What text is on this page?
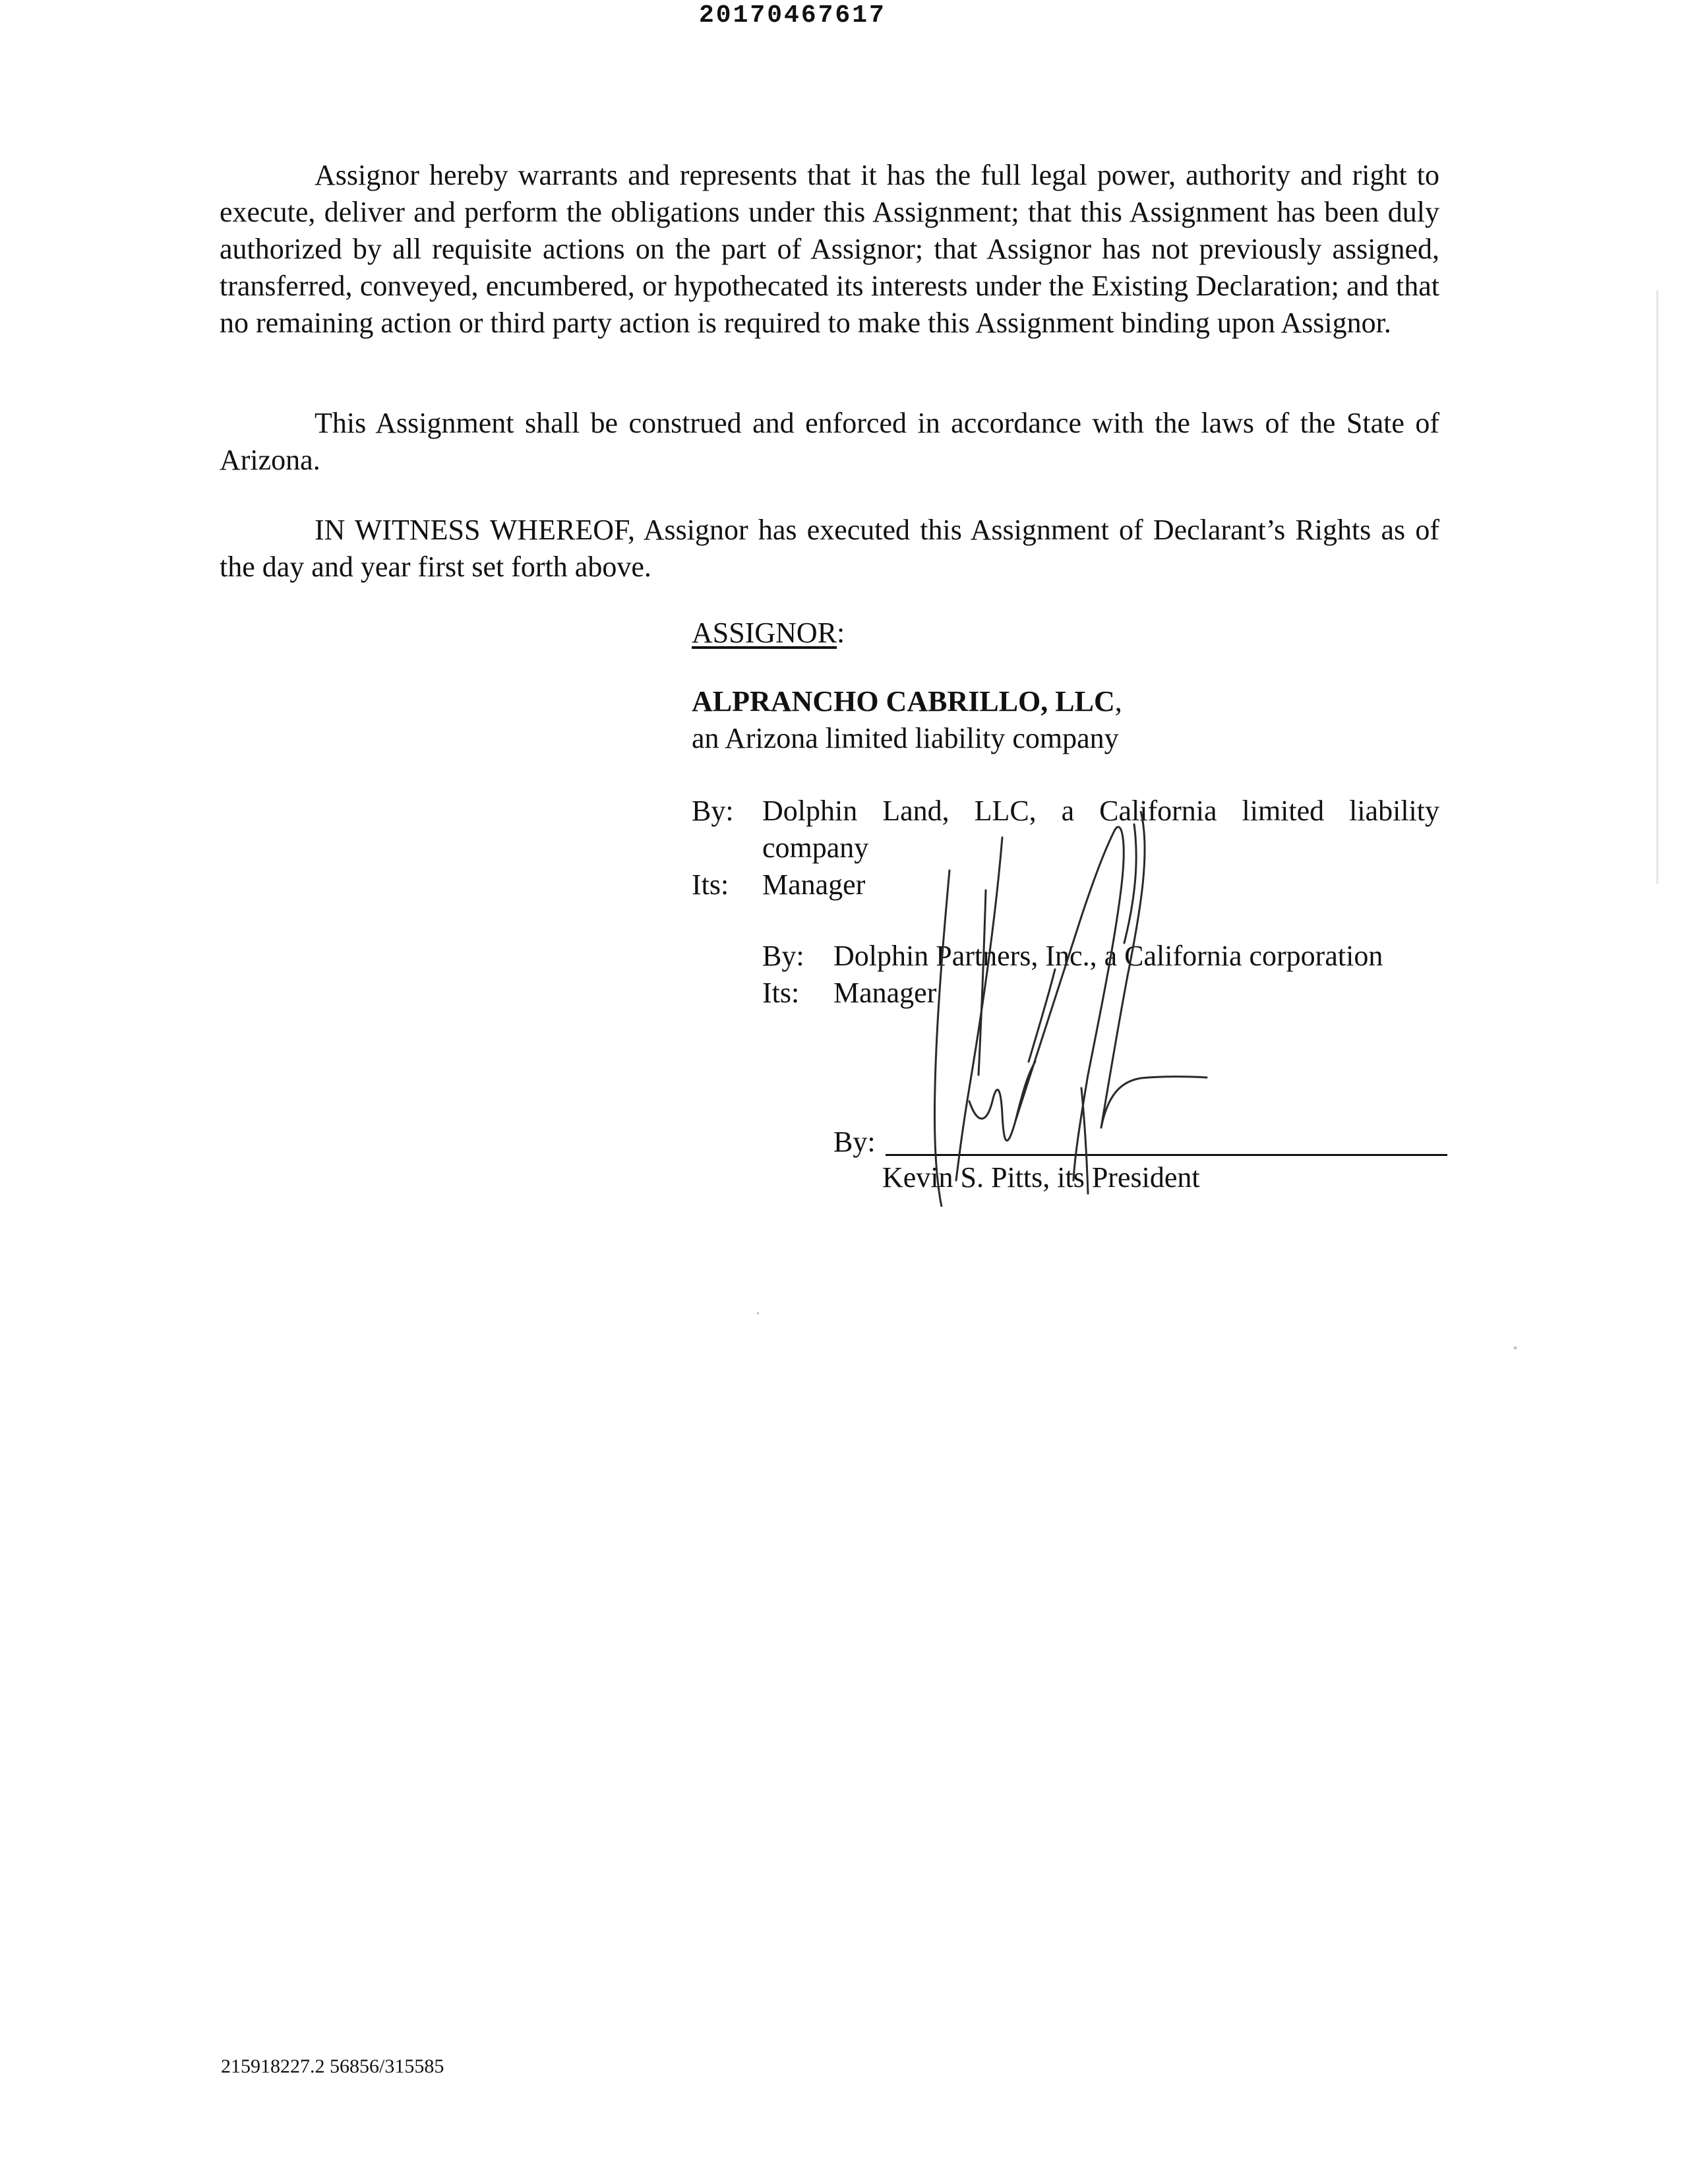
20170467617
Assignor hereby warrants and represents that it has the full legal power, authority and right to execute, deliver and perform the obligations under this Assignment; that this Assignment has been duly authorized by all requisite actions on the part of Assignor; that Assignor has not previously assigned, transferred, conveyed, encumbered, or hypothecated its interests under the Existing Declaration; and that no remaining action or third party action is required to make this Assignment binding upon Assignor.
This Assignment shall be construed and enforced in accordance with the laws of the State of Arizona.
IN WITNESS WHEREOF, Assignor has executed this Assignment of Declarant’s Rights as of the day and year first set forth above.
ASSIGNOR:
ALPRANCHO CABRILLO, LLC,
an Arizona limited liability company
By: Dolphin Land, LLC, a California limited liability company
Its: Manager
By: Dolphin Partners, Inc., a California corporation
Its: Manager
By:
Kevin S. Pitts, its President
215918227.2 56856/315585
